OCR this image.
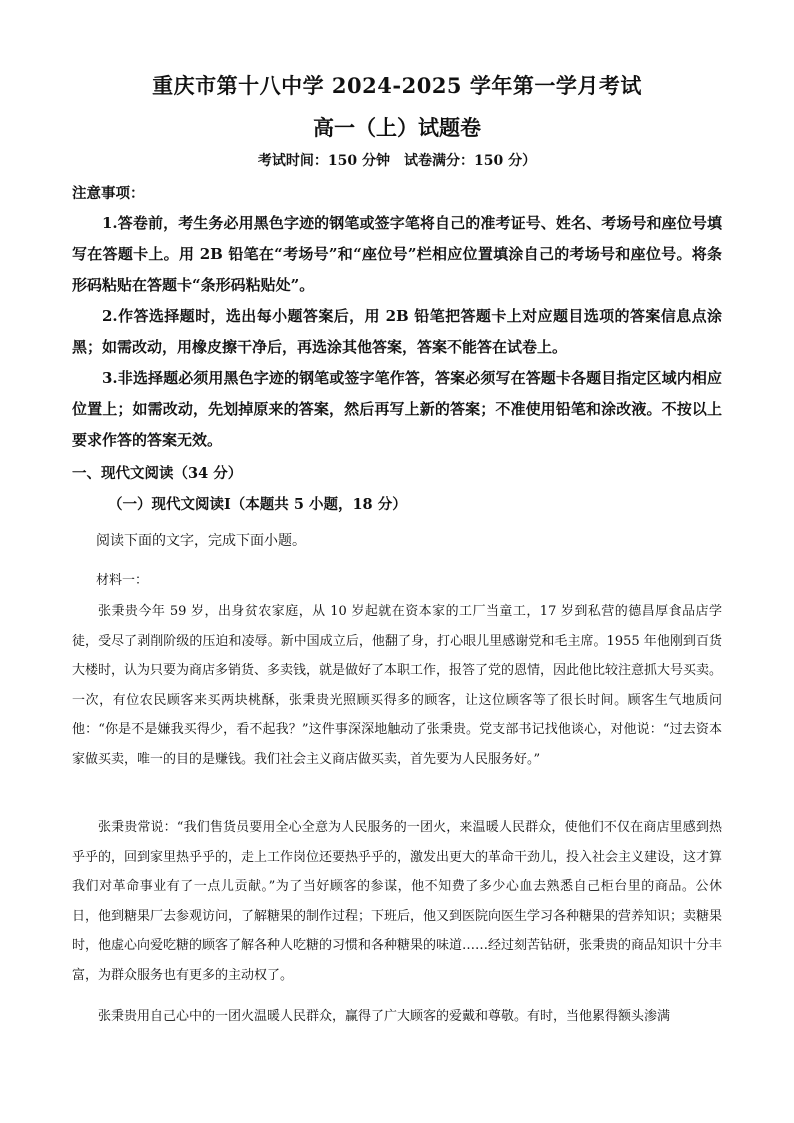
重庆市第十八中学 2024-2025 学年第一学月考试
高一（上）试题卷
考试时间：150 分钟　试卷满分：150 分）
注意事项：
1.答卷前，考生务必用黑色字迹的钢笔或签字笔将自己的准考证号、姓名、考场号和座位号填写在答题卡上。用 2B 铅笔在“考场号”和“座位号”栏相应位置填涂自己的考场号和座位号。将条形码粘贴在答题卡“条形码粘贴处”。
2.作答选择题时，选出每小题答案后，用 2B 铅笔把答题卡上对应题目选项的答案信息点涂黑；如需改动，用橡皮擦干净后，再选涂其他答案，答案不能答在试卷上。
3.非选择题必须用黑色字迹的钢笔或签字笔作答，答案必须写在答题卡各题目指定区域内相应位置上；如需改动，先划掉原来的答案，然后再写上新的答案；不准使用铅笔和涂改液。不按以上要求作答的答案无效。
一、现代文阅读（34 分）
（一）现代文阅读Ⅰ（本题共 5 小题，18 分）
阅读下面的文字，完成下面小题。
材料一：
张秉贵今年 59 岁，出身贫农家庭，从 10 岁起就在资本家的工厂当童工，17 岁到私营的德昌厚食品店学徒，受尽了剥削阶级的压迫和凌辱。新中国成立后，他翻了身，打心眼儿里感谢党和毛主席。1955 年他刚到百货大楼时，认为只要为商店多销货、多卖钱，就是做好了本职工作，报答了党的恩情，因此他比较注意抓大号买卖。一次，有位农民顾客来买两块桃酥，张秉贵光照顾买得多的顾客，让这位顾客等了很长时间。顾客生气地质问他：“你是不是嫌我买得少，看不起我？”这件事深深地触动了张秉贵。党支部书记找他谈心，对他说：“过去资本家做买卖，唯一的目的是赚钱。我们社会主义商店做买卖，首先要为人民服务好。”
张秉贵常说：“我们售货员要用全心全意为人民服务的一团火，来温暖人民群众，使他们不仅在商店里感到热乎乎的，回到家里热乎乎的，走上工作岗位还要热乎乎的，激发出更大的革命干劲儿，投入社会主义建设，这才算我们对革命事业有了一点儿贡献。”为了当好顾客的参谋，他不知费了多少心血去熟悉自己柜台里的商品。公休日，他到糖果厂去参观访问，了解糖果的制作过程；下班后，他又到医院向医生学习各种糖果的营养知识；卖糖果时，他虚心向爱吃糖的顾客了解各种人吃糖的习惯和各种糖果的味道……经过刻苦钻研，张秉贵的商品知识十分丰富，为群众服务也有更多的主动权了。
张秉贵用自己心中的一团火温暖人民群众，赢得了广大顾客的爱戴和尊敬。有时，当他累得额头渗满
